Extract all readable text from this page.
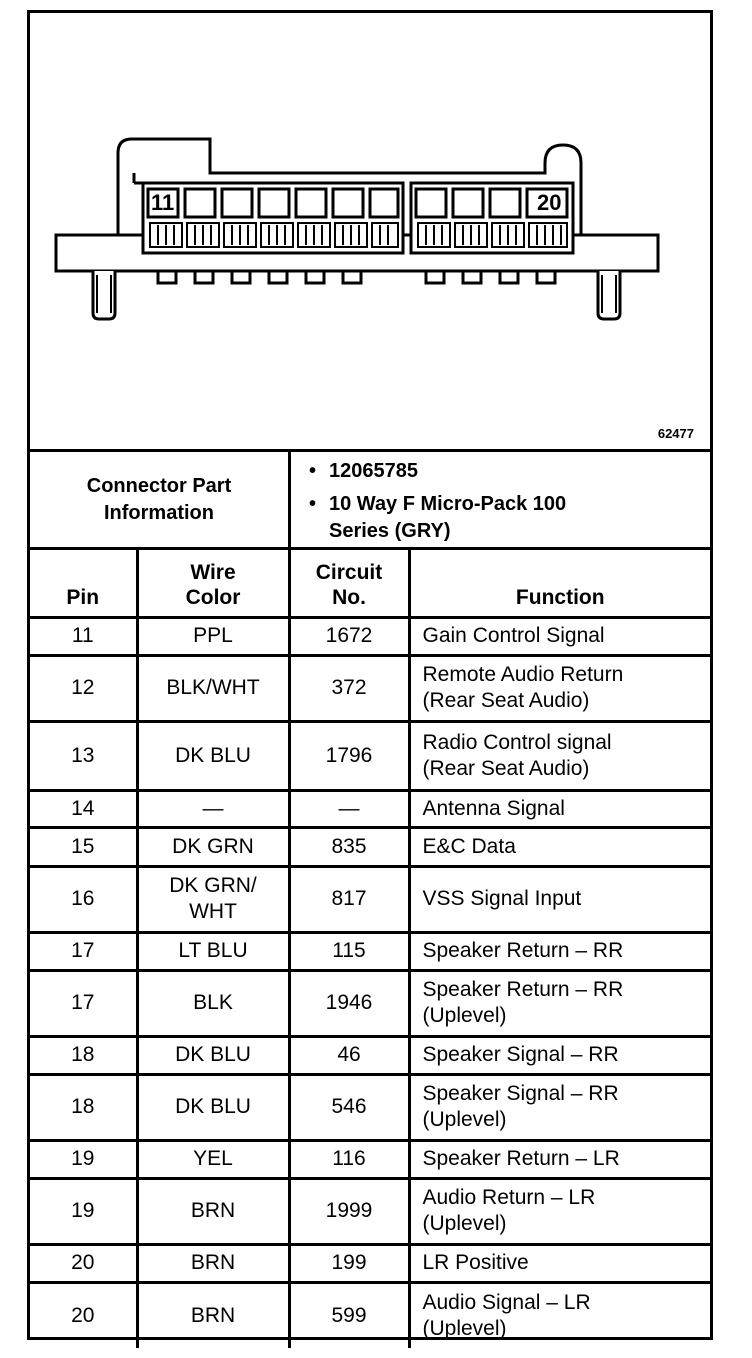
11	20
62477
Connector Part Information
• 12065785
• 10 Way F Micro-Pack 100 Series (GRY)
Pin	Wire Color	Circuit No.	Function
11	PPL	1672	Gain Control Signal
12	BLK/WHT	372	Remote Audio Return (Rear Seat Audio)

13	DK BLU	1796	Radio Control signal (Rear Seat Audio)

14	—	—	Antenna Signal
15	DK GRN	835	E&C Data
16	DK GRN/ WHT	817	VSS Signal Input
17	LT BLU	115	Speaker Return – RR
17	BLK	1946	Speaker Return – RR (Uplevel)

18	DK BLU	46	Speaker Signal – RR
18	DK BLU	546	Speaker Signal – RR (Uplevel)

19	YEL	116	Speaker Return – LR
19	BRN	1999	Audio Return – LR (Uplevel)

20	BRN	199	LR Positive
20	BRN	599	Audio Signal – LR (Uplevel)
